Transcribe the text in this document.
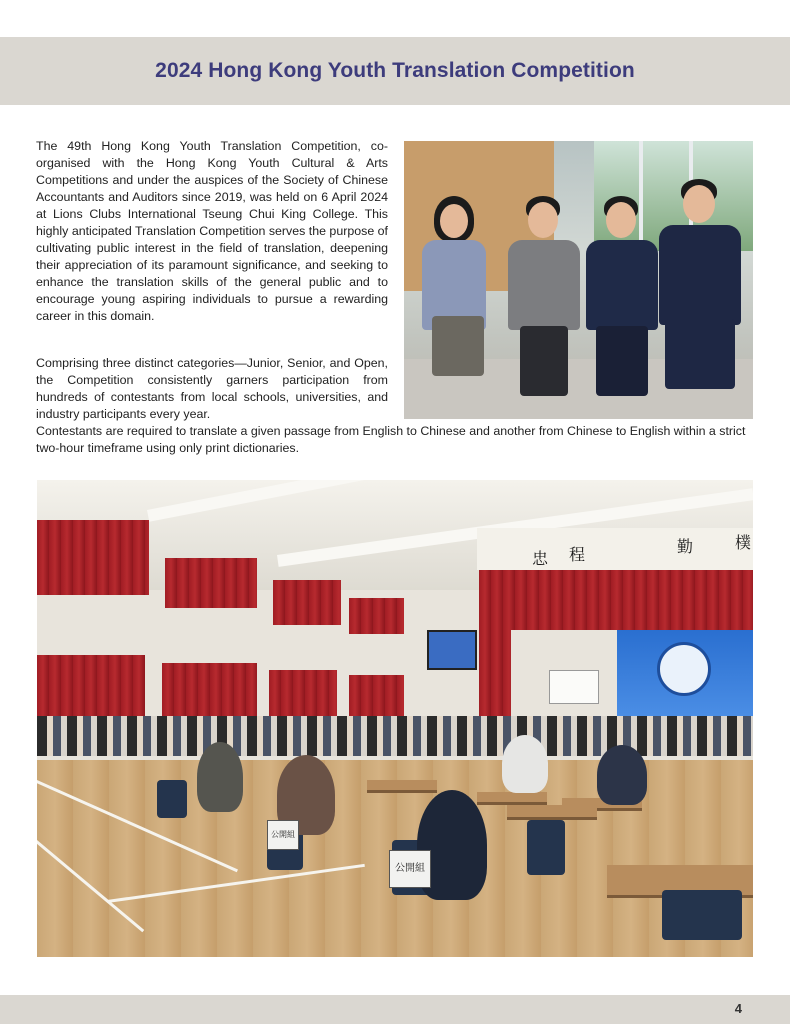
2024 Hong Kong Youth Translation Competition

The 49th Hong Kong Youth Translation Competition, co-organised with the Hong Kong Youth Cultural & Arts Competitions and under the auspices of the Society of Chinese Accountants and Auditors since 2019, was held on 6 April 2024 at Lions Clubs International Tseung Chui King College. This highly anticipated Translation Competition serves the purpose of cultivating public interest in the field of translation, deepening their appreciation of its paramount significance, and seeking to enhance the translation skills of the general public and to encourage young aspiring individuals to pursue a rewarding career in this domain.

Comprising three distinct categories—Junior, Senior, and Open, the Competition consistently garners participation from hundreds of contestants from local schools, universities, and industry participants every year.

Contestants are required to translate a given passage from English to Chinese and another from Chinese to English within a strict two-hour timeframe using only print dictionaries.

忠 程	勤	樸
公開組
公開組
4
